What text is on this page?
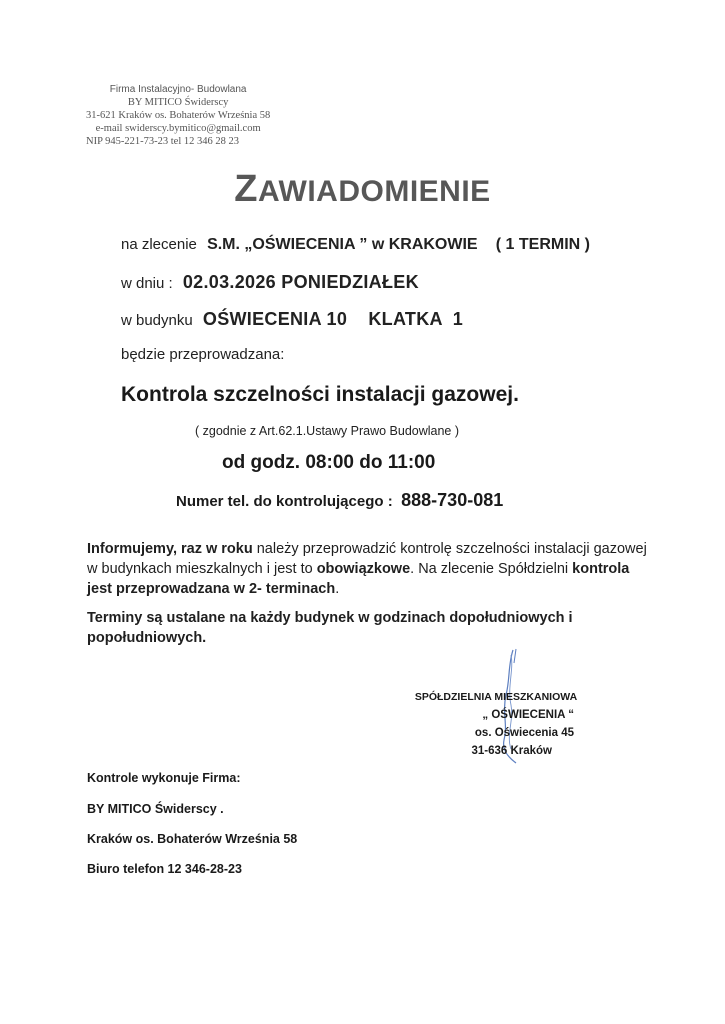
Firma Instalacyjno- Budowlana
BY MITICO Świderscy
31-621 Kraków os. Bohaterów Września 58
e-mail swiderscy.bymitico@gmail.com
NIP 945-221-73-23 tel 12 346 28 23
ZAWIADOMIENIE
na zlecenie S.M. „OŚWIECENIA ” w KRAKOWIE ( 1 TERMIN )
w dniu : 02.03.2026 PONIEDZIAŁEK
w budynku OŚWIECENIA 10    KLATKA  1
będzie przeprowadzana:
Kontrola szczelności instalacji gazowej.
( zgodnie z Art.62.1.Ustawy Prawo Budowlane )
od godz. 08:00 do 11:00
Numer tel. do kontrolującego : 888-730-081
Informujemy, raz w roku należy przeprowadzić kontrolę szczelności instalacji gazowej w budynkach mieszkalnych i jest to obowiązkowe. Na zlecenie Spółdzielni kontrola jest przeprowadzana w 2- terminach.
Terminy są ustalane na każdy budynek w godzinach dopołudniowych i popołudniowych.
SPÓŁDZIELNIA MIESZKANIOWA
„ OŚWIECENIA “
os. Oświecenia 45
31-636 Kraków
Kontrole wykonuje Firma:
BY MITICO Świderscy .
Kraków os. Bohaterów Września 58
Biuro telefon 12 346-28-23
